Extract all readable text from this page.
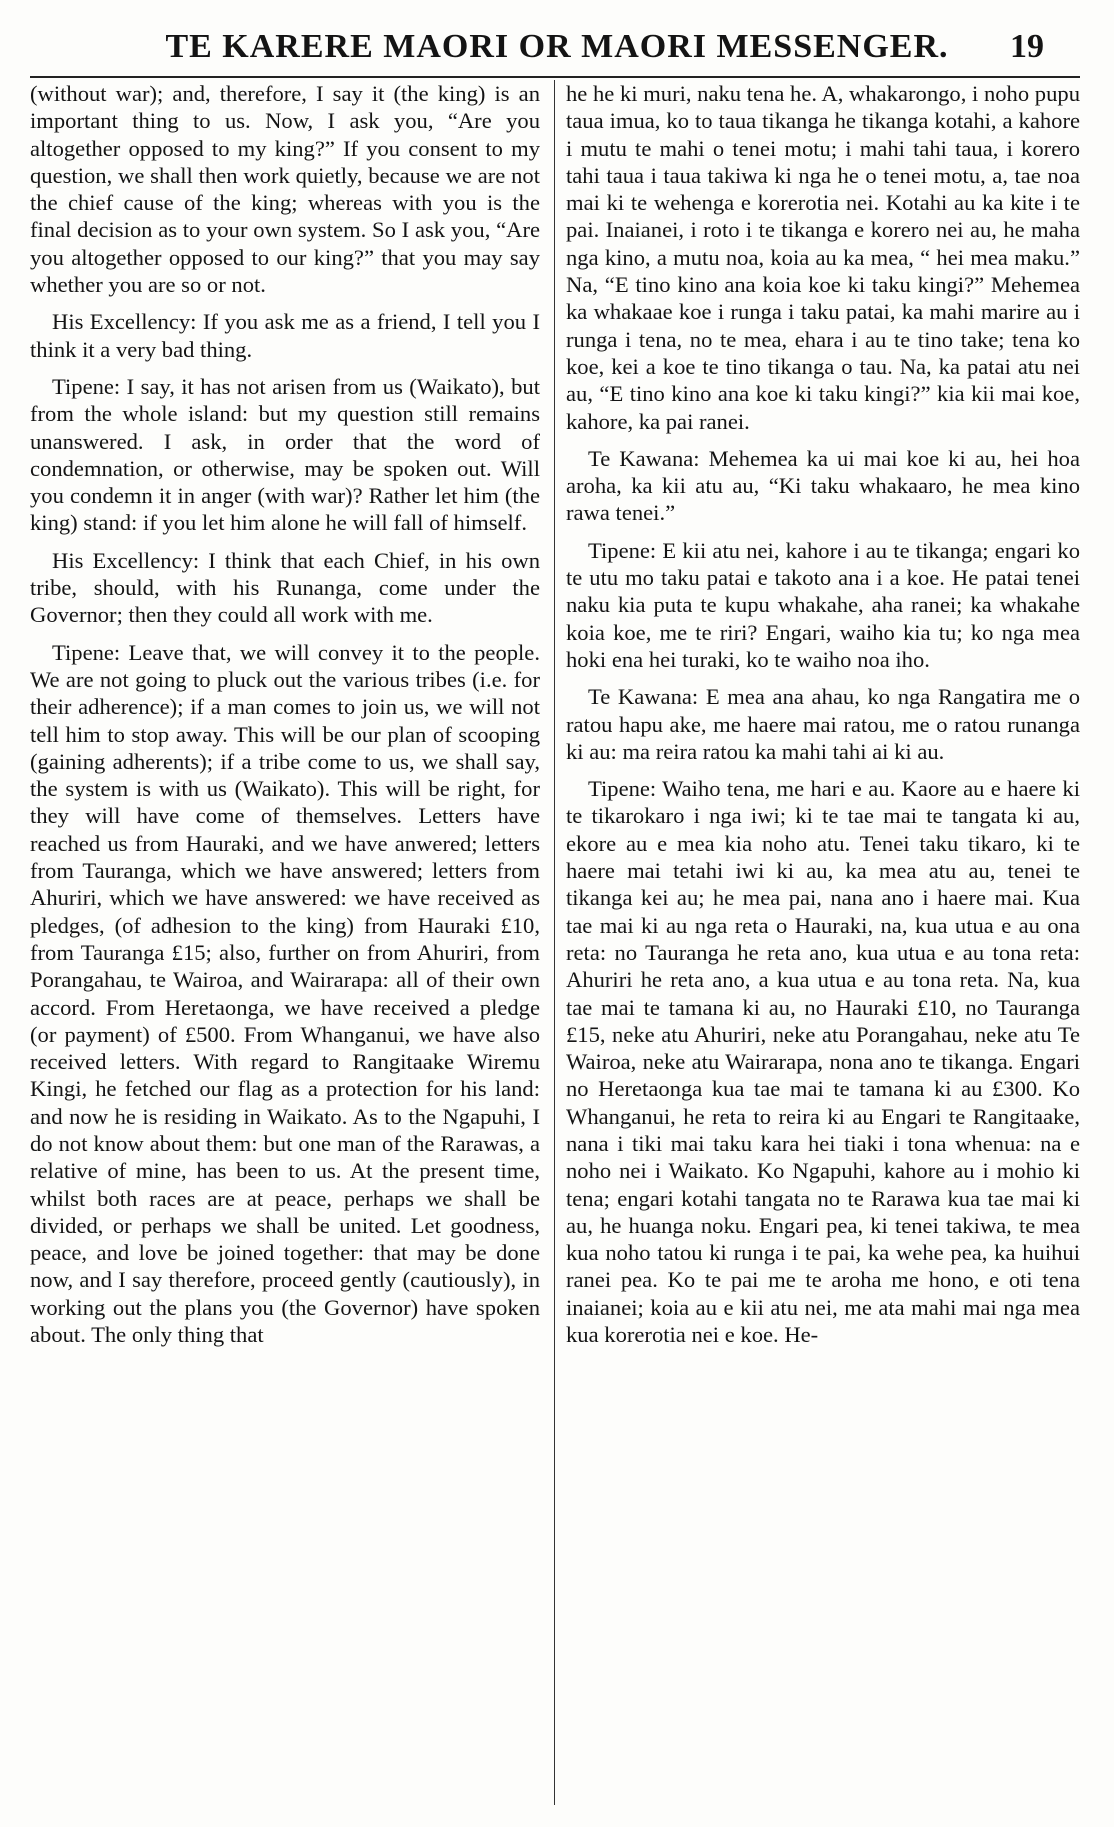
TE KARERE MAORI OR MAORI MESSENGER. 19

(without war); and, therefore, I say it (the king) is an important thing to us. Now, I ask you, “Are you altogether opposed to my king?” If you consent to my question, we shall then work quietly, because we are not the chief cause of the king; whereas with you is the final decision as to your own system. So I ask you, “Are you altogether opposed to our king?” that you may say whether you are so or not.

His Excellency: If you ask me as a friend, I tell you I think it a very bad thing.

Tipene: I say, it has not arisen from us (Waikato), but from the whole island: but my question still remains unanswered. I ask, in order that the word of condemnation, or otherwise, may be spoken out. Will you condemn it in anger (with war)? Rather let him (the king) stand: if you let him alone he will fall of himself.

His Excellency: I think that each Chief, in his own tribe, should, with his Runanga, come under the Governor; then they could all work with me.

Tipene: Leave that, we will convey it to the people. We are not going to pluck out the various tribes (i.e. for their adherence); if a man comes to join us, we will not tell him to stop away. This will be our plan of scooping (gaining adherents); if a tribe come to us, we shall say, the system is with us (Waikato). This will be right, for they will have come of themselves. Letters have reached us from Hauraki, and we have anwered; letters from Tauranga, which we have answered; letters from Ahuriri, which we have answered: we have received as pledges, (of adhesion to the king) from Hauraki £10, from Tauranga £15; also, further on from Ahuriri, from Porangahau, te Wairoa, and Wairarapa: all of their own accord. From Heretaonga, we have received a pledge (or payment) of £500. From Whanganui, we have also received letters. With regard to Rangitaake Wiremu Kingi, he fetched our flag as a protection for his land: and now he is residing in Waikato. As to the Ngapuhi, I do not know about them: but one man of the Rarawas, a relative of mine, has been to us. At the present time, whilst both races are at peace, perhaps we shall be divided, or perhaps we shall be united. Let goodness, peace, and love be joined together: that may be done now, and I say therefore, proceed gently (cautiously), in working out the plans you (the Governor) have spoken about. The only thing that

he he ki muri, naku tena he. A, whakarongo, i noho pupu taua imua, ko to taua tikanga he tikanga kotahi, a kahore i mutu te mahi o tenei motu; i mahi tahi taua, i korero tahi taua i taua takiwa ki nga he o tenei motu, a, tae noa mai ki te wehenga e korerotia nei. Kotahi au ka kite i te pai. Inaianei, i roto i te tikanga e korero nei au, he maha nga kino, a mutu noa, koia au ka mea, “ hei mea maku.” Na, “E tino kino ana koia koe ki taku kingi?” Mehemea ka whakaae koe i runga i taku patai, ka mahi marire au i runga i tena, no te mea, ehara i au te tino take; tena ko koe, kei a koe te tino tikanga o tau. Na, ka patai atu nei au, “E tino kino ana koe ki taku kingi?” kia kii mai koe, kahore, ka pai ranei.

Te Kawana: Mehemea ka ui mai koe ki au, hei hoa aroha, ka kii atu au, “Ki taku whakaaro, he mea kino rawa tenei.”

Tipene: E kii atu nei, kahore i au te tikanga; engari ko te utu mo taku patai e takoto ana i a koe. He patai tenei naku kia puta te kupu whakahe, aha ranei; ka whakahe koia koe, me te riri? Engari, waiho kia tu; ko nga mea hoki ena hei turaki, ko te waiho noa iho.

Te Kawana: E mea ana ahau, ko nga Rangatira me o ratou hapu ake, me haere mai ratou, me o ratou runanga ki au: ma reira ratou ka mahi tahi ai ki au.

Tipene: Waiho tena, me hari e au. Kaore au e haere ki te tikarokaro i nga iwi; ki te tae mai te tangata ki au, ekore au e mea kia noho atu. Tenei taku tikaro, ki te haere mai tetahi iwi ki au, ka mea atu au, tenei te tikanga kei au; he mea pai, nana ano i haere mai. Kua tae mai ki au nga reta o Hauraki, na, kua utua e au ona reta: no Tauranga he reta ano, kua utua e au tona reta: Ahuriri he reta ano, a kua utua e au tona reta. Na, kua tae mai te tamana ki au, no Hauraki £10, no Tauranga £15, neke atu Ahuriri, neke atu Porangahau, neke atu Te Wairoa, neke atu Wairarapa, nona ano te tikanga. Engari no Heretaonga kua tae mai te tamana ki au £300. Ko Whanganui, he reta to reira ki au Engari te Rangitaake, nana i tiki mai taku kara hei tiaki i tona whenua: na e noho nei i Waikato. Ko Ngapuhi, kahore au i mohio ki tena; engari kotahi tangata no te Rarawa kua tae mai ki au, he huanga noku. Engari pea, ki tenei takiwa, te mea kua noho tatou ki runga i te pai, ka wehe pea, ka huihui ranei pea. Ko te pai me te aroha me hono, e oti tena inaianei; koia au e kii atu nei, me ata mahi mai nga mea kua korerotia nei e koe. He-
